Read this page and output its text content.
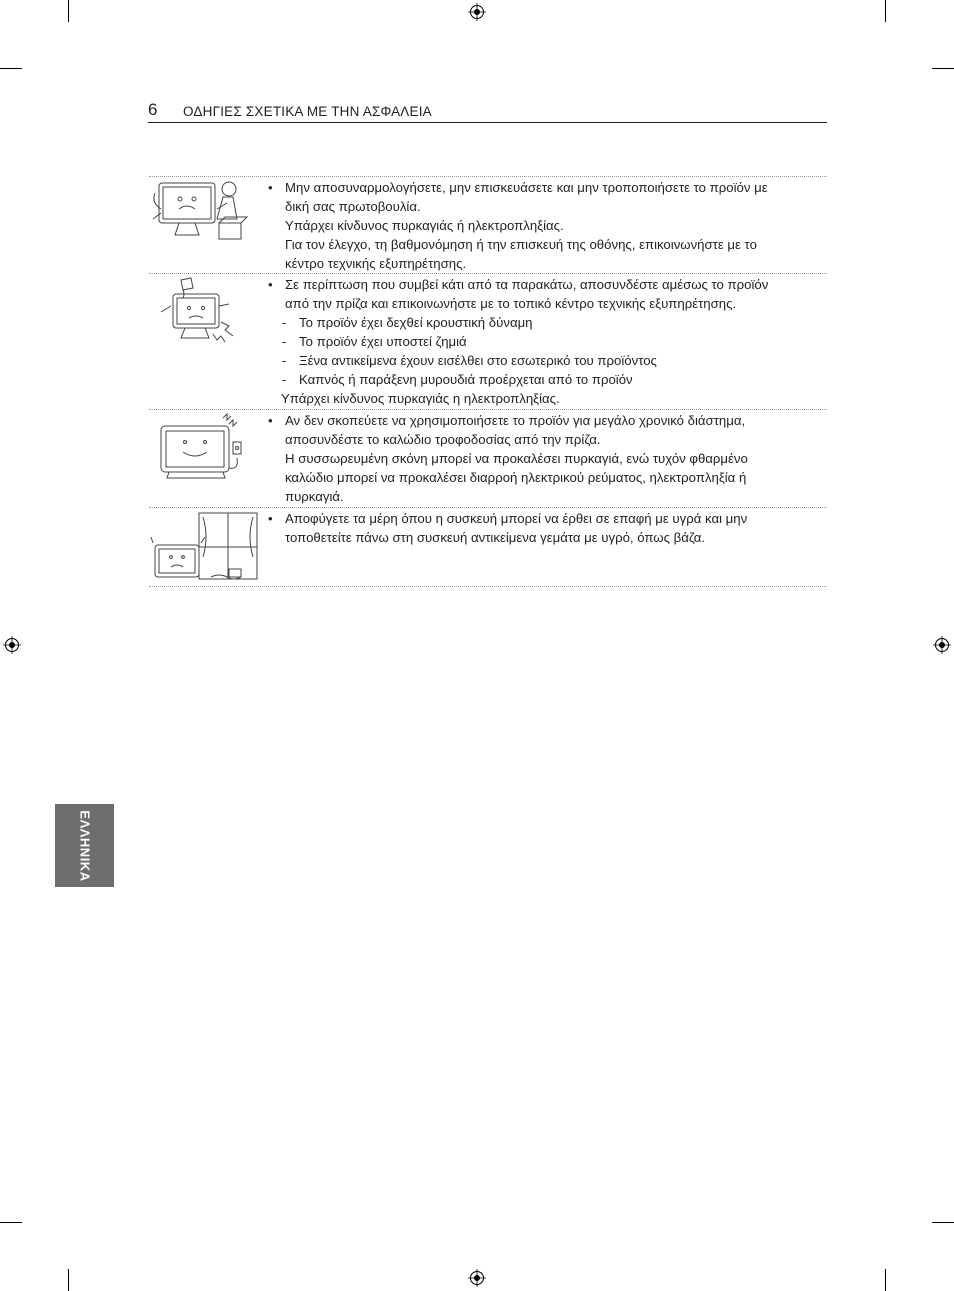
6 ΟΔΗΓΙΕΣ ΣΧΕΤΙΚΑ ΜΕ ΤΗΝ ΑΣΦΑΛΕΙΑ
• Μην αποσυναρμολογήσετε, μην επισκευάσετε και μην τροποποιήσετε το προϊόν με
δική σας πρωτοβουλία.
Υπάρχει κίνδυνος πυρκαγιάς ή ηλεκτροπληξίας.
Για τον έλεγχο, τη βαθμονόμηση ή την επισκευή της οθόνης, επικοινωνήστε με το
κέντρο τεχνικής εξυπηρέτησης.
• Σε περίπτωση που συμβεί κάτι από τα παρακάτω, αποσυνδέστε αμέσως το προϊόν
από την πρίζα και επικοινωνήστε με το τοπικό κέντρο τεχνικής εξυπηρέτησης.
- Το προϊόν έχει δεχθεί κρουστική δύναμη
- Το προϊόν έχει υποστεί ζημιά
- Ξένα αντικείμενα έχουν εισέλθει στο εσωτερικό του προϊόντος
- Καπνός ή παράξενη μυρουδιά προέρχεται από το προϊόν
Υπάρχει κίνδυνος πυρκαγιάς η ηλεκτροπληξίας.
• Αν δεν σκοπεύετε να χρησιμοποιήσετε το προϊόν για μεγάλο χρονικό διάστημα,
αποσυνδέστε το καλώδιο τροφοδοσίας από την πρίζα.
Η συσσωρευμένη σκόνη μπορεί να προκαλέσει πυρκαγιά, ενώ τυχόν φθαρμένο
καλώδιο μπορεί να προκαλέσει διαρροή ηλεκτρικού ρεύματος, ηλεκτροπληξία ή
πυρκαγιά.
• Αποφύγετε τα μέρη όπου η συσκευή μπορεί να έρθει σε επαφή με υγρά και μην
τοποθετείτε πάνω στη συσκευή αντικείμενα γεμάτα με υγρό, όπως βάζα.
ΕΛΛΗΝΙΚΑ
